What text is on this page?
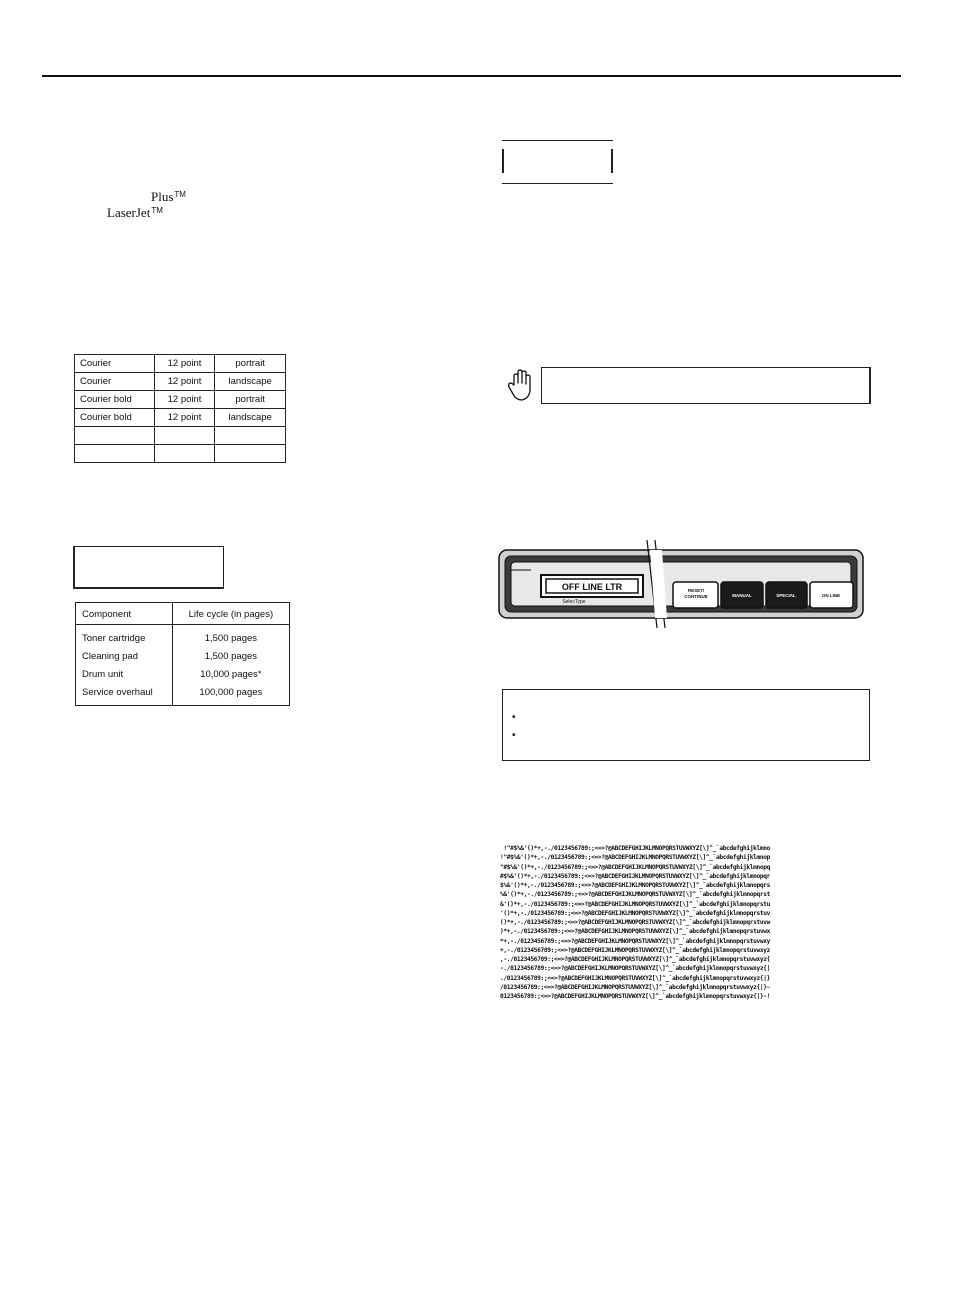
Plus™
LaserJet™
Courier	12 point	portrait
Courier	12 point	landscape
Courier bold	12 point	portrait
Courier bold	12 point	landscape

Component	Life cycle (in pages)
Toner cartridge	1,500 pages
Cleaning pad	1,500 pages
Drum unit	10,000 pages*
Service overhaul	100,000 pages
OFF LINE LTR
SelecType
RESET/ CONTINUE	MANUAL	SPECIAL	ON LINE
•
•
!"#$%&'()*+,-./0123456789:;<=>?@ABCDEFGHIJKLMNOPQRSTUVWXYZ[\]^_`abcdefghijklmno
!"#$%&'()*+,-./0123456789:;<=>?@ABCDEFGHIJKLMNOPQRSTUVWXYZ[\]^_`abcdefghijklmnop
"#$%&'()*+,-./0123456789:;<=>?@ABCDEFGHIJKLMNOPQRSTUVWXYZ[\]^_`abcdefghijklmnopq
#$%&'()*+,-./0123456789:;<=>?@ABCDEFGHIJKLMNOPQRSTUVWXYZ[\]^_`abcdefghijklmnopqr
$%&'()*+,-./0123456789:;<=>?@ABCDEFGHIJKLMNOPQRSTUVWXYZ[\]^_`abcdefghijklmnopqrs
%&'()*+,-./0123456789:;<=>?@ABCDEFGHIJKLMNOPQRSTUVWXYZ[\]^_`abcdefghijklmnopqrst
&'()*+,-./0123456789:;<=>?@ABCDEFGHIJKLMNOPQRSTUVWXYZ[\]^_`abcdefghijklmnopqrstu
'()*+,-./0123456789:;<=>?@ABCDEFGHIJKLMNOPQRSTUVWXYZ[\]^_`abcdefghijklmnopqrstuv
()*+,-./0123456789:;<=>?@ABCDEFGHIJKLMNOPQRSTUVWXYZ[\]^_`abcdefghijklmnopqrstuvw
)*+,-./0123456789:;<=>?@ABCDEFGHIJKLMNOPQRSTUVWXYZ[\]^_`abcdefghijklmnopqrstuvwx
*+,-./0123456789:;<=>?@ABCDEFGHIJKLMNOPQRSTUVWXYZ[\]^_`abcdefghijklmnopqrstuvwxy
+,-./0123456789:;<=>?@ABCDEFGHIJKLMNOPQRSTUVWXYZ[\]^_`abcdefghijklmnopqrstuvwxyz
,-./0123456789:;<=>?@ABCDEFGHIJKLMNOPQRSTUVWXYZ[\]^_`abcdefghijklmnopqrstuvwxyz{
-./0123456789:;<=>?@ABCDEFGHIJKLMNOPQRSTUVWXYZ[\]^_`abcdefghijklmnopqrstuvwxyz{|
./0123456789:;<=>?@ABCDEFGHIJKLMNOPQRSTUVWXYZ[\]^_`abcdefghijklmnopqrstuvwxyz{|}
/0123456789:;<=>?@ABCDEFGHIJKLMNOPQRSTUVWXYZ[\]^_`abcdefghijklmnopqrstuvwxyz{|}~
0123456789:;<=>?@ABCDEFGHIJKLMNOPQRSTUVWXYZ[\]^_`abcdefghijklmnopqrstuvwxyz{|}~!
